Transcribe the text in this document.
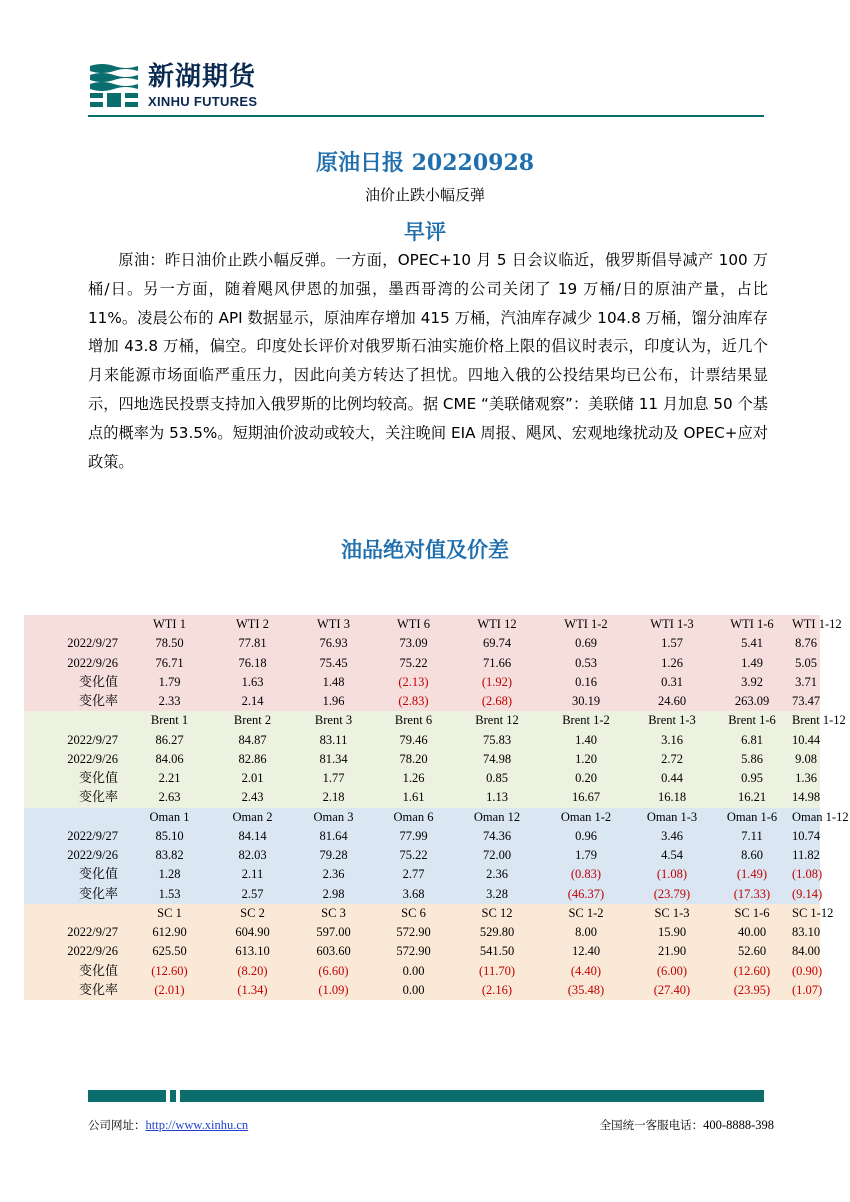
新湖期货
XINHU FUTURES
原油日报 20220928
油价止跌小幅反弹
早评

原油：昨日油价止跌小幅反弹。一方面，OPEC+10 月 5 日会议临近，俄罗斯倡导减产 100 万桶/日。另一方面，随着飓风伊恩的加强，墨西哥湾的公司关闭了 19 万桶/日的原油产量，占比 11%。凌晨公布的 API 数据显示，原油库存增加 415 万桶，汽油库存减少 104.8 万桶，馏分油库存增加 43.8 万桶，偏空。印度处长评价对俄罗斯石油实施价格上限的倡议时表示，印度认为，近几个月来能源市场面临严重压力，因此向美方转达了担忧。四地入俄的公投结果均已公布，计票结果显示，四地选民投票支持加入俄罗斯的比例均较高。据 CME “美联储观察”：美联储 11 月加息 50 个基点的概率为 53.5%。短期油价波动或较大，关注晚间 EIA 周报、飓风、宏观地缘扰动及 OPEC+应对政策。

油品绝对值及价差
	WTI 1	WTI 2	WTI 3	WTI 6	WTI 12	WTI 1-2	WTI 1-3	WTI 1-6	WTI 1-12	
2022/9/27	78.50	77.81	76.93	73.09	69.74	0.69	1.57	5.41	8.76	
2022/9/26	76.71	76.18	75.45	75.22	71.66	0.53	1.26	1.49	5.05	
变化值	1.79	1.63	1.48	(2.13)	(1.92)	0.16	0.31	3.92	3.71	
变化率	2.33	2.14	1.96	(2.83)	(2.68)	30.19	24.60	263.09	73.47	
	Brent 1	Brent 2	Brent 3	Brent 6	Brent 12	Brent 1-2	Brent 1-3	Brent 1-6	Brent 1-12	
2022/9/27	86.27	84.87	83.11	79.46	75.83	1.40	3.16	6.81	10.44	
2022/9/26	84.06	82.86	81.34	78.20	74.98	1.20	2.72	5.86	9.08	
变化值	2.21	2.01	1.77	1.26	0.85	0.20	0.44	0.95	1.36	
变化率	2.63	2.43	2.18	1.61	1.13	16.67	16.18	16.21	14.98	
	Oman 1	Oman 2	Oman 3	Oman 6	Oman 12	Oman 1-2	Oman 1-3	Oman 1-6	Oman 1-12	
2022/9/27	85.10	84.14	81.64	77.99	74.36	0.96	3.46	7.11	10.74	
2022/9/26	83.82	82.03	79.28	75.22	72.00	1.79	4.54	8.60	11.82	
变化值	1.28	2.11	2.36	2.77	2.36	(0.83)	(1.08)	(1.49)	(1.08)	
变化率	1.53	2.57	2.98	3.68	3.28	(46.37)	(23.79)	(17.33)	(9.14)	
	SC 1	SC 2	SC 3	SC 6	SC 12	SC 1-2	SC 1-3	SC 1-6	SC 1-12	
2022/9/27	612.90	604.90	597.00	572.90	529.80	8.00	15.90	40.00	83.10	
2022/9/26	625.50	613.10	603.60	572.90	541.50	12.40	21.90	52.60	84.00	
变化值	(12.60)	(8.20)	(6.60)	0.00	(11.70)	(4.40)	(6.00)	(12.60)	(0.90)	
变化率	(2.01)	(1.34)	(1.09)	0.00	(2.16)	(35.48)	(27.40)	(23.95)	(1.07)	
公司网址：http://www.xinhu.cn	全国统一客服电话：400-8888-398
